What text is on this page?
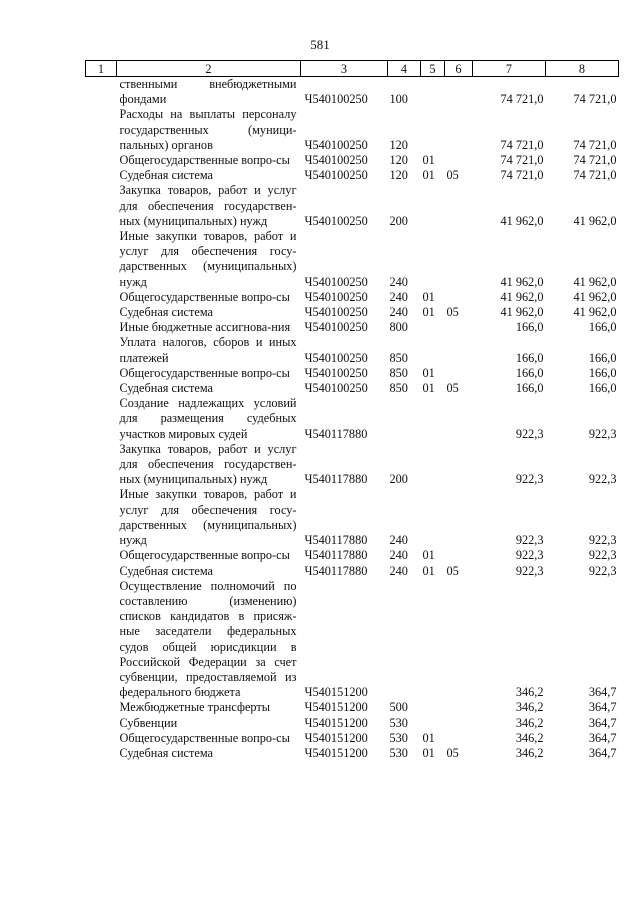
581
1	2	3	4	5	6	7	8
	ственными внебюджетными фондами	Ч540100250	100			74 721,0	74 721,0
	Расходы на выплаты персоналу государственных (муници-пальных) органов	Ч540100250	120			74 721,0	74 721,0
	Общегосударственные вопро-сы	Ч540100250	120	01		74 721,0	74 721,0
	Судебная система	Ч540100250	120	01	05	74 721,0	74 721,0
	Закупка товаров, работ и услуг для обеспечения государствен-ных (муниципальных) нужд	Ч540100250	200			41 962,0	41 962,0
	Иные закупки товаров, работ и услуг для обеспечения госу-дарственных (муниципальных) нужд	Ч540100250	240			41 962,0	41 962,0
	Общегосударственные вопро-сы	Ч540100250	240	01		41 962,0	41 962,0
	Судебная система	Ч540100250	240	01	05	41 962,0	41 962,0
	Иные бюджетные ассигнова-ния	Ч540100250	800			166,0	166,0
	Уплата налогов, сборов и иных платежей	Ч540100250	850			166,0	166,0
	Общегосударственные вопро-сы	Ч540100250	850	01		166,0	166,0
	Судебная система	Ч540100250	850	01	05	166,0	166,0
	Создание надлежащих условий для размещения судебных участков мировых судей	Ч540117880				922,3	922,3
	Закупка товаров, работ и услуг для обеспечения государствен-ных (муниципальных) нужд	Ч540117880	200			922,3	922,3
	Иные закупки товаров, работ и услуг для обеспечения госу-дарственных (муниципальных) нужд	Ч540117880	240			922,3	922,3
	Общегосударственные вопро-сы	Ч540117880	240	01		922,3	922,3
	Судебная система	Ч540117880	240	01	05	922,3	922,3
	Осуществление полномочий по составлению (изменению) списков кандидатов в присяж-ные заседатели федеральных судов общей юрисдикции в Российской Федерации за счет субвенции, предоставляемой из федерального бюджета	Ч540151200				346,2	364,7
	Межбюджетные трансферты	Ч540151200	500			346,2	364,7
	Субвенции	Ч540151200	530			346,2	364,7
	Общегосударственные вопро-сы	Ч540151200	530	01		346,2	364,7
	Судебная система	Ч540151200	530	01	05	346,2	364,7
